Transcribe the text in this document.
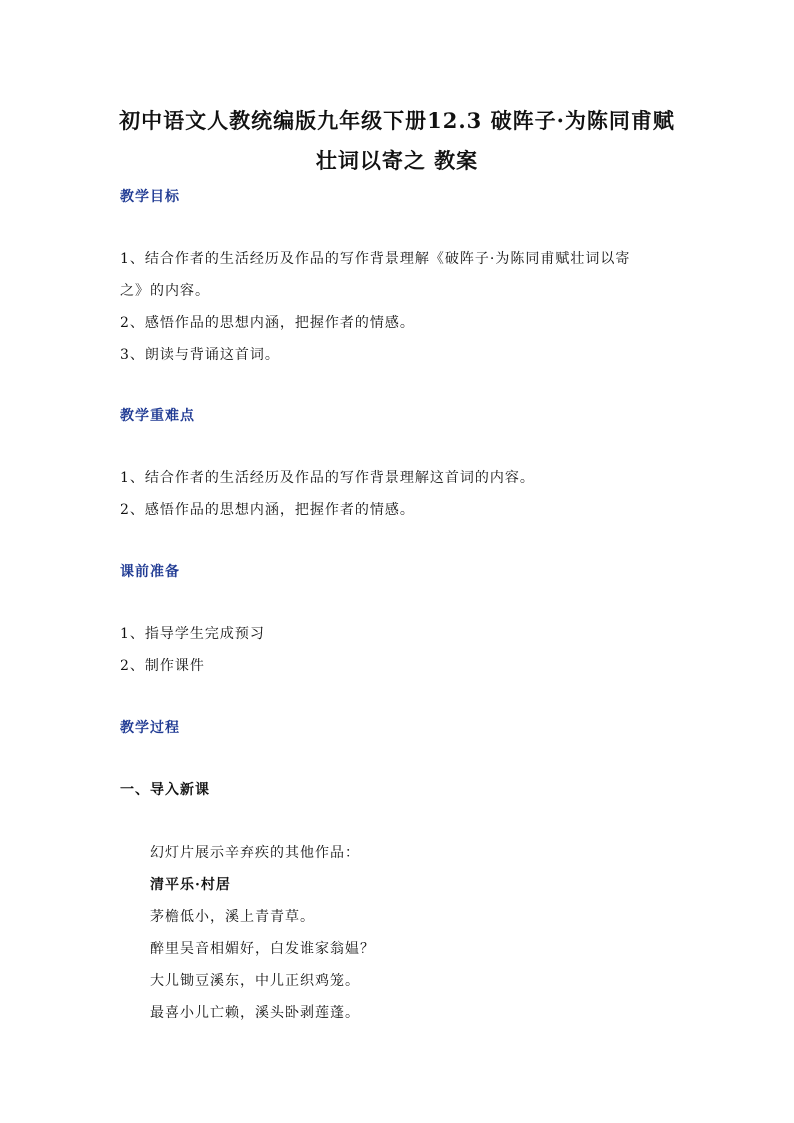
初中语文人教统编版九年级下册12.3 破阵子·为陈同甫赋
壮词以寄之 教案
教学目标
1、结合作者的生活经历及作品的写作背景理解《破阵子·为陈同甫赋壮词以寄
之》的内容。
2、感悟作品的思想内涵，把握作者的情感。
3、朗读与背诵这首词。
教学重难点
1、结合作者的生活经历及作品的写作背景理解这首词的内容。
2、感悟作品的思想内涵，把握作者的情感。
课前准备
1、指导学生完成预习
2、制作课件
教学过程
一、导入新课
幻灯片展示辛弃疾的其他作品：
清平乐·村居
茅檐低小，溪上青青草。
醉里吴音相媚好，白发谁家翁媪？
大儿锄豆溪东，中儿正织鸡笼。
最喜小儿亡赖，溪头卧剥莲蓬。
